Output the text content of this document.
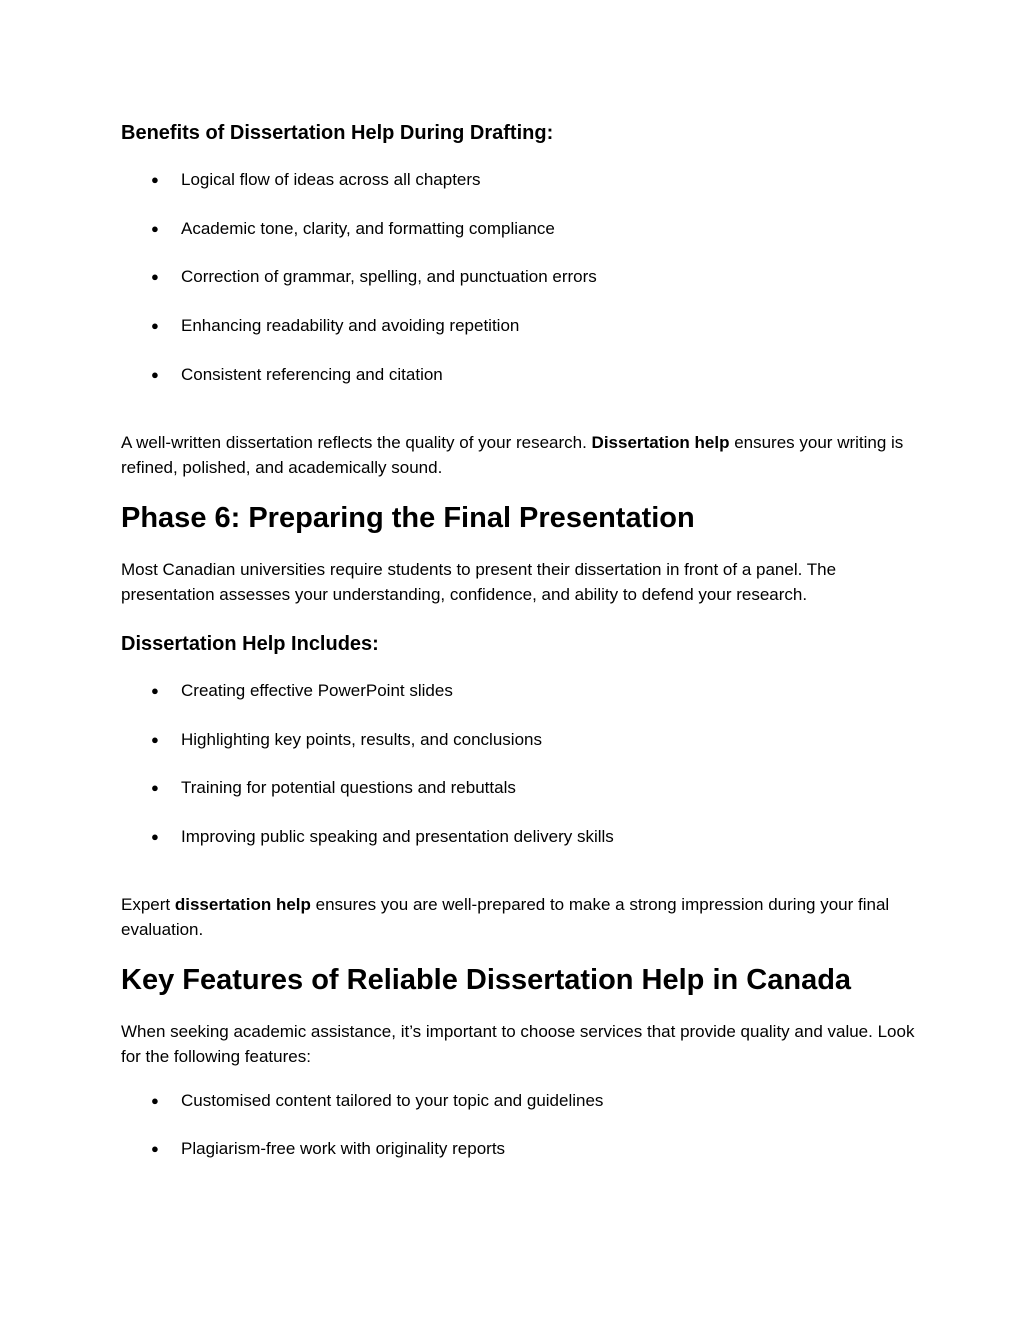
Benefits of Dissertation Help During Drafting:
● Logical flow of ideas across all chapters
● Academic tone, clarity, and formatting compliance
● Correction of grammar, spelling, and punctuation errors
● Enhancing readability and avoiding repetition
● Consistent referencing and citation

A well-written dissertation reflects the quality of your research. Dissertation help ensures your writing is refined, polished, and academically sound.

Phase 6: Preparing the Final Presentation

Most Canadian universities require students to present their dissertation in front of a panel. The presentation assesses your understanding, confidence, and ability to defend your research.

Dissertation Help Includes:
● Creating effective PowerPoint slides
● Highlighting key points, results, and conclusions
● Training for potential questions and rebuttals
● Improving public speaking and presentation delivery skills

Expert dissertation help ensures you are well-prepared to make a strong impression during your final evaluation.

Key Features of Reliable Dissertation Help in Canada

When seeking academic assistance, it’s important to choose services that provide quality and value. Look for the following features:

● Customised content tailored to your topic and guidelines
● Plagiarism-free work with originality reports
